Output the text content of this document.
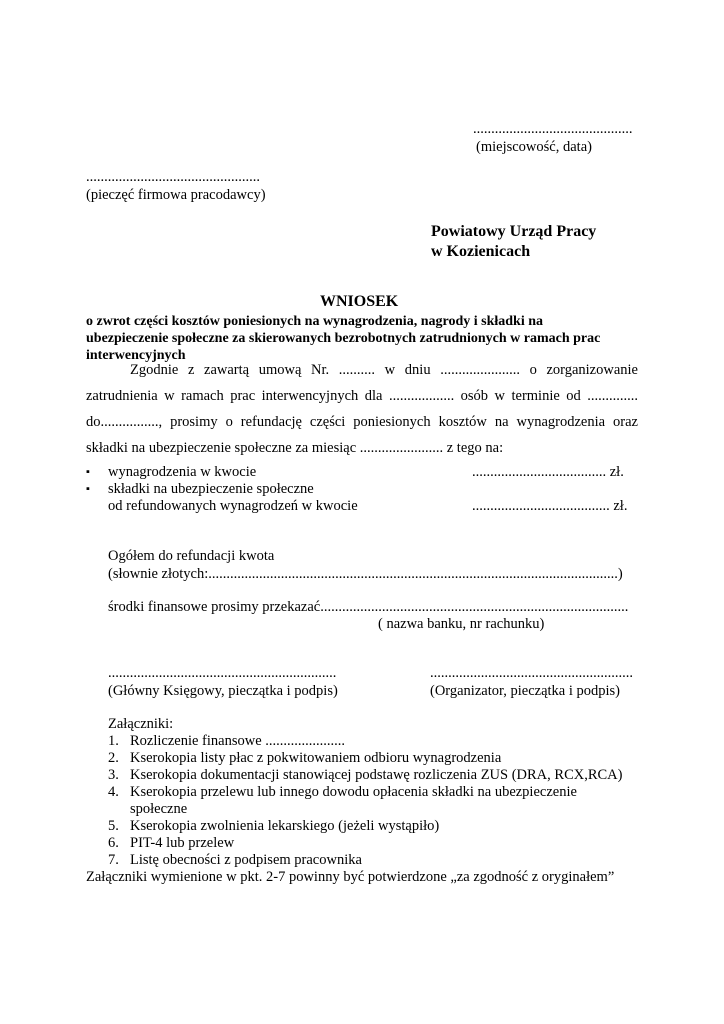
............................................
(miejscowość, data)
................................................
(pieczęć firmowa pracodawcy)
Powiatowy Urząd Pracy
w Kozienicach
WNIOSEK
o zwrot części kosztów poniesionych na wynagrodzenia, nagrody i składki na
ubezpieczenie społeczne za skierowanych bezrobotnych zatrudnionych w ramach prac
interwencyjnych
Zgodnie z zawartą umową Nr. .......... w dniu ...................... o zorganizowanie
zatrudnienia w ramach prac interwencyjnych dla .................. osób w terminie od ..............
do................, prosimy o refundację części poniesionych kosztów na wynagrodzenia oraz
składki na ubezpieczenie społeczne za miesiąc ....................... z tego na:
▪ wynagrodzenia w kwocie	..................................... zł.
▪ składki na ubezpieczenie społeczne
od refundowanych wynagrodzeń w kwocie	...................................... zł.
Ogółem do refundacji kwota
(słownie złotych:.................................................................................................................)
środki finansowe prosimy przekazać.....................................................................................
( nazwa banku, nr rachunku)
...............................................................
(Główny Księgowy, pieczątka i podpis)
........................................................
(Organizator, pieczątka i podpis)
Załączniki:
1. Rozliczenie finansowe ......................
2. Kserokopia listy płac z pokwitowaniem odbioru wynagrodzenia
3. Kserokopia dokumentacji stanowiącej podstawę rozliczenia ZUS (DRA, RCX,RCA)
4. Kserokopia przelewu lub innego dowodu opłacenia składki na ubezpieczenie
społeczne
5. Kserokopia zwolnienia lekarskiego (jeżeli wystąpiło)
6. PIT-4 lub przelew
7. Listę obecności z podpisem pracownika
Załączniki wymienione w pkt. 2-7 powinny być potwierdzone „za zgodność z oryginałem”
